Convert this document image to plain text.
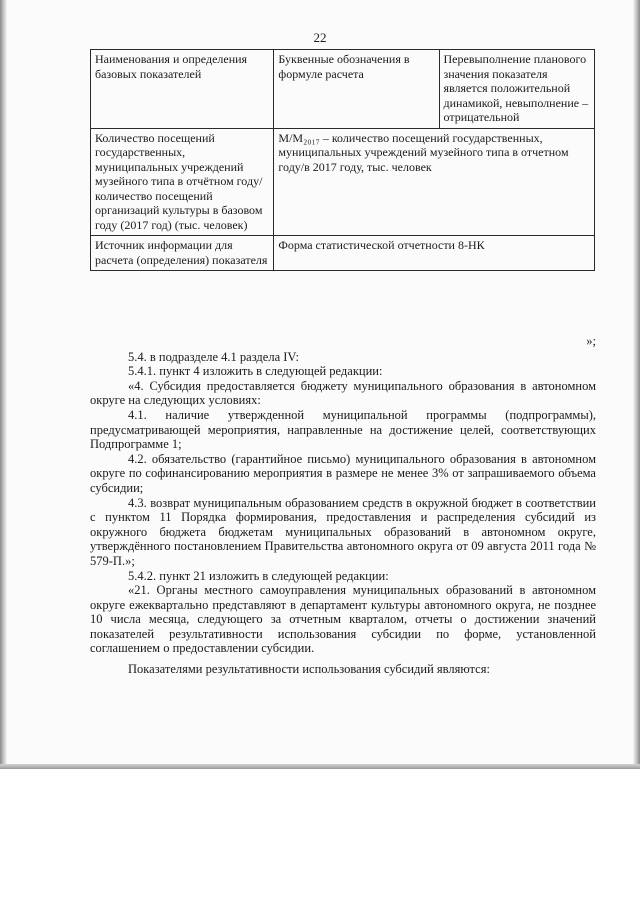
22
Наименования и определения базовых показателей	Буквенные обозначения в формуле расчета	Перевыполнение планового значения показателя является положительной динамикой, невыполнение – отрицательной
Количество посещений государственных, муниципальных учреждений музейного типа в отчётном году/ количество посещений организаций культуры в базовом году (2017 год) (тыс. человек)	М/М₂₀₁₇ – количество посещений государственных, муниципальных учреждений музейного типа в отчетном году/в 2017 году, тыс. человек	
Источник информации для расчета (определения) показателя	Форма статистической отчетности 8-НК	
»;

5.4. в подразделе 4.1 раздела IV:

5.4.1. пункт 4 изложить в следующей редакции:

«4. Субсидия предоставляется бюджету муниципального образования в автономном округе на следующих условиях:

4.1. наличие утвержденной муниципальной программы (подпрограммы), предусматривающей мероприятия, направленные на достижение целей, соответствующих Подпрограмме 1;

4.2. обязательство (гарантийное письмо) муниципального образования в автономном округе по софинансированию мероприятия в размере не менее 3% от запрашиваемого объема субсидии;

4.3. возврат муниципальным образованием средств в окружной бюджет в соответствии с пунктом 11 Порядка формирования, предоставления и распределения субсидий из окружного бюджета бюджетам муниципальных образований в автономном округе, утверждённого постановлением Правительства автономного округа от 09 августа 2011 года № 579-П.»;

5.4.2. пункт 21 изложить в следующей редакции:

«21. Органы местного самоуправления муниципальных образований в автономном округе ежеквартально представляют в департамент культуры автономного округа, не позднее 10 числа месяца, следующего за отчетным кварталом, отчеты о достижении значений показателей результативности использования субсидии по форме, установленной соглашением о предоставлении субсидии.

Показателями результативности использования субсидий являются:
